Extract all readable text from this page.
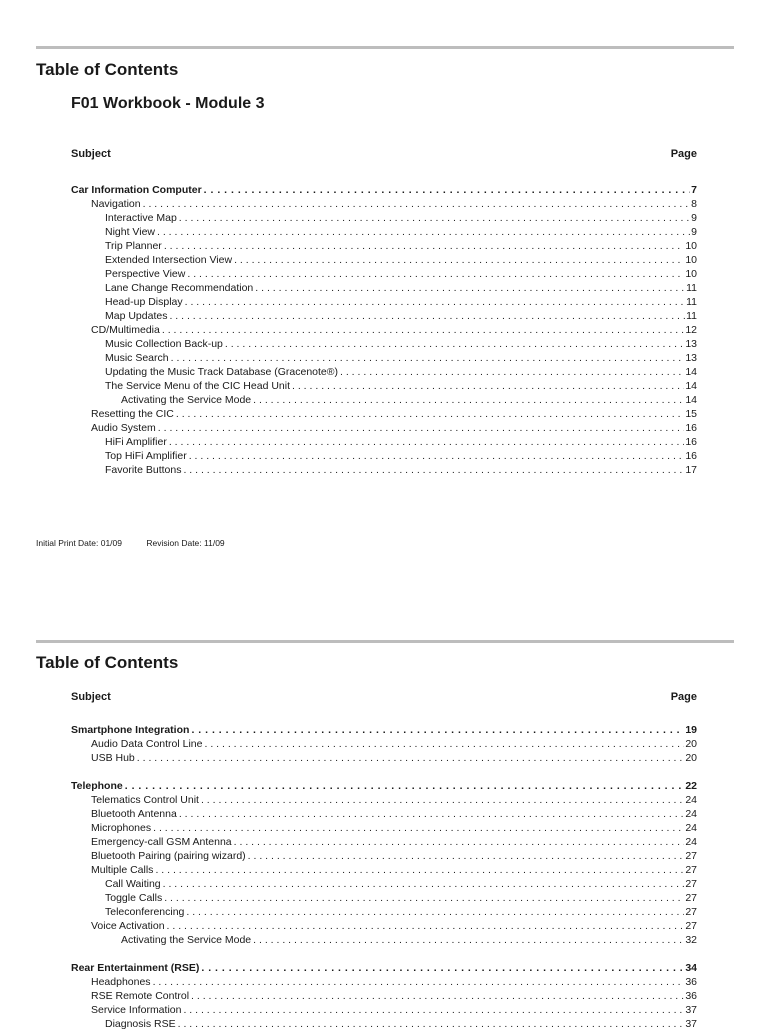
Table of Contents
F01 Workbook - Module 3
Subject	Page
Car Information Computer . . .	7
Navigation . . .	8
Interactive Map . . .	9
Night View . . .	9
Trip Planner . . .	10
Extended Intersection View . . .	10
Perspective View . . .	10
Lane Change Recommendation . . .	11
Head-up Display . . .	11
Map Updates . . .	11
CD/Multimedia . . .	12
Music Collection Back-up . . .	13
Music Search . . .	13
Updating the Music Track Database (Gracenote®) . . .	14
The Service Menu of the CIC Head Unit . . .	14
Activating the Service Mode . . .	14
Resetting the CIC . . .	15
Audio System . . .	16
HiFi Amplifier . . .	16
Top HiFi Amplifier . . .	16
Favorite Buttons . . .	17
Initial Print Date: 01/09	Revision Date: 11/09
Table of Contents
Subject	Page
Smartphone Integration . . .	19
Audio Data Control Line . . .	20
USB Hub . . .	20
Telephone . . .	22
Telematics Control Unit . . .	24
Bluetooth Antenna . . .	24
Microphones . . .	24
Emergency-call GSM Antenna . . .	24
Bluetooth Pairing (pairing wizard) . . .	27
Multiple Calls . . .	27
Call Waiting . . .	27
Toggle Calls . . .	27
Teleconferencing . . .	27
Voice Activation . . .	27
Activating the Service Mode . . .	32
Rear Entertainment (RSE) . . .	34
Headphones . . .	36
RSE Remote Control . . .	36
Service Information . . .	37
Diagnosis RSE . . .	37
